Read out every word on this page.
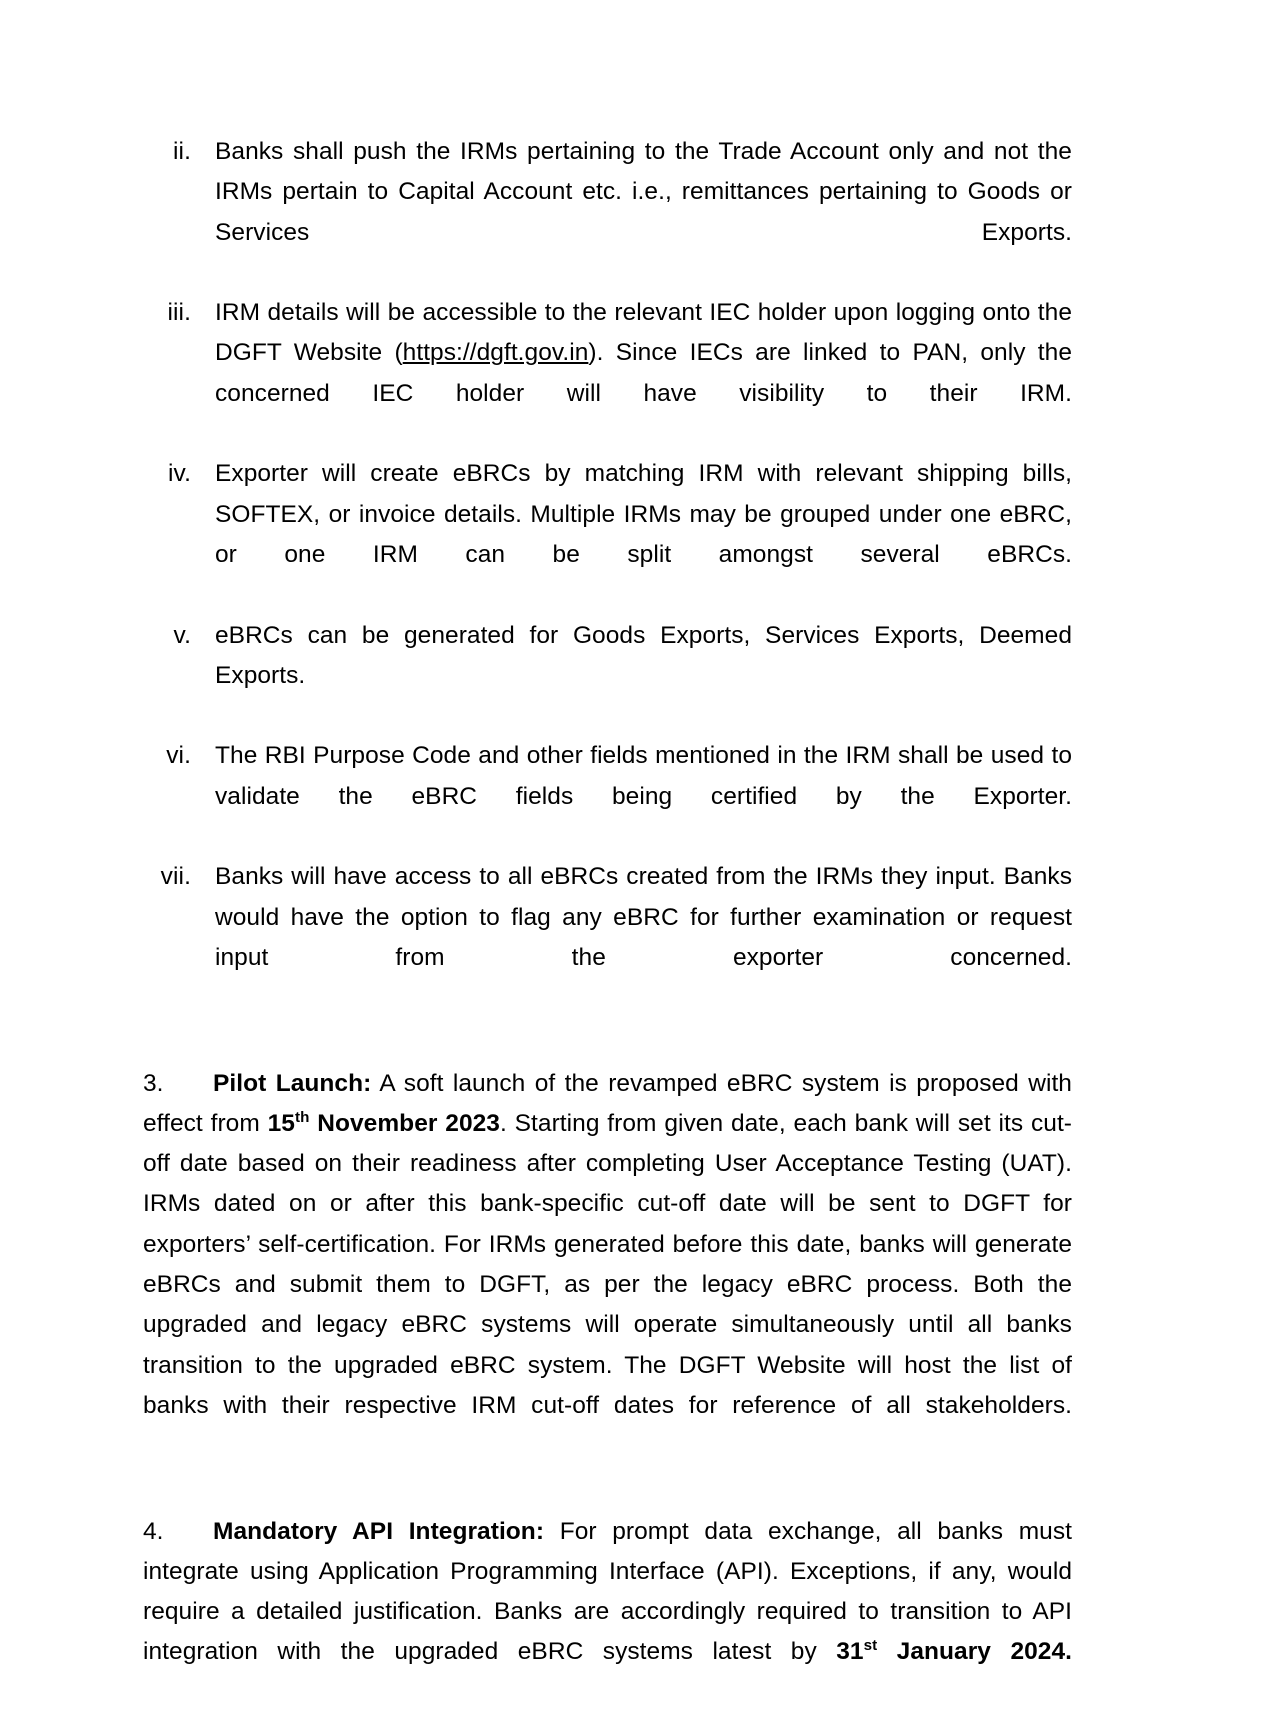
ii. Banks shall push the IRMs pertaining to the Trade Account only and not the IRMs pertain to Capital Account etc. i.e., remittances pertaining to Goods or Services Exports.
iii. IRM details will be accessible to the relevant IEC holder upon logging onto the DGFT Website (https://dgft.gov.in). Since IECs are linked to PAN, only the concerned IEC holder will have visibility to their IRM.
iv. Exporter will create eBRCs by matching IRM with relevant shipping bills, SOFTEX, or invoice details. Multiple IRMs may be grouped under one eBRC, or one IRM can be split amongst several eBRCs.
v. eBRCs can be generated for Goods Exports, Services Exports, Deemed Exports.
vi. The RBI Purpose Code and other fields mentioned in the IRM shall be used to validate the eBRC fields being certified by the Exporter.
vii. Banks will have access to all eBRCs created from the IRMs they input. Banks would have the option to flag any eBRC for further examination or request input from the exporter concerned.
3. Pilot Launch: A soft launch of the revamped eBRC system is proposed with effect from 15th November 2023. Starting from given date, each bank will set its cut-off date based on their readiness after completing User Acceptance Testing (UAT). IRMs dated on or after this bank-specific cut-off date will be sent to DGFT for exporters’ self-certification. For IRMs generated before this date, banks will generate eBRCs and submit them to DGFT, as per the legacy eBRC process. Both the upgraded and legacy eBRC systems will operate simultaneously until all banks transition to the upgraded eBRC system. The DGFT Website will host the list of banks with their respective IRM cut-off dates for reference of all stakeholders.
4. Mandatory API Integration: For prompt data exchange, all banks must integrate using Application Programming Interface (API). Exceptions, if any, would require a detailed justification. Banks are accordingly required to transition to API integration with the upgraded eBRC systems latest by 31st January 2024.
